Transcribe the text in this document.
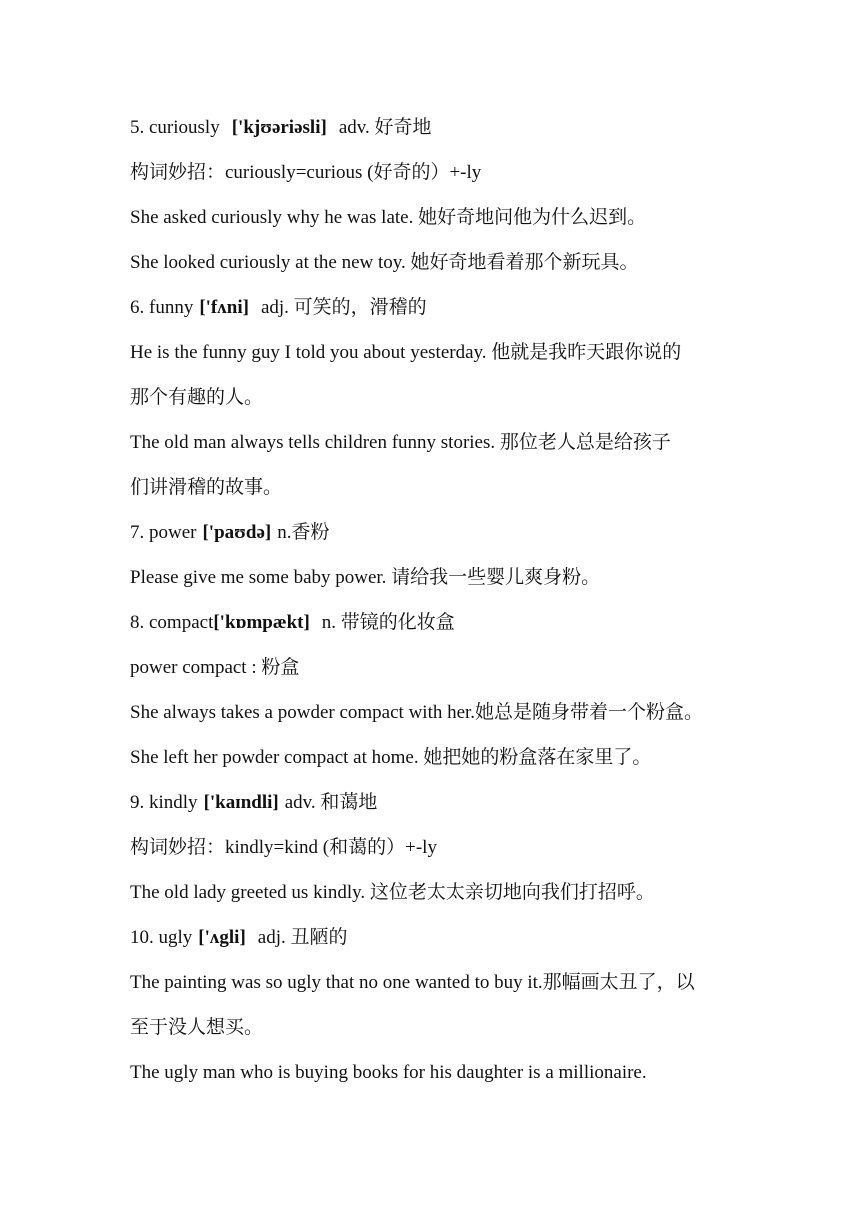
5. curiously ['kjʊəriəsli] adv. 好奇地
构词妙招：curiously=curious (好奇的）+-ly
She asked curiously why he was late. 她好奇地问他为什么迟到。
She looked curiously at the new toy. 她好奇地看着那个新玩具。
6. funny ['fʌni] adj. 可笑的，滑稽的
He is the funny guy I told you about yesterday. 他就是我昨天跟你说的
那个有趣的人。
The old man always tells children funny stories. 那位老人总是给孩子
们讲滑稽的故事。
7. power ['paʊdə] n.香粉
Please give me some baby power. 请给我一些婴儿爽身粉。
8. compact['kɒmpækt] n. 带镜的化妆盒
power compact : 粉盒
She always takes a powder compact with her.她总是随身带着一个粉盒。
She left her powder compact at home. 她把她的粉盒落在家里了。
9. kindly ['kaɪndli] adv. 和蔼地
构词妙招：kindly=kind (和蔼的）+-ly
The old lady greeted us kindly. 这位老太太亲切地向我们打招呼。
10. ugly ['ʌgli] adj. 丑陋的
The painting was so ugly that no one wanted to buy it.那幅画太丑了，以
至于没人想买。
The ugly man who is buying books for his daughter is a millionaire.
